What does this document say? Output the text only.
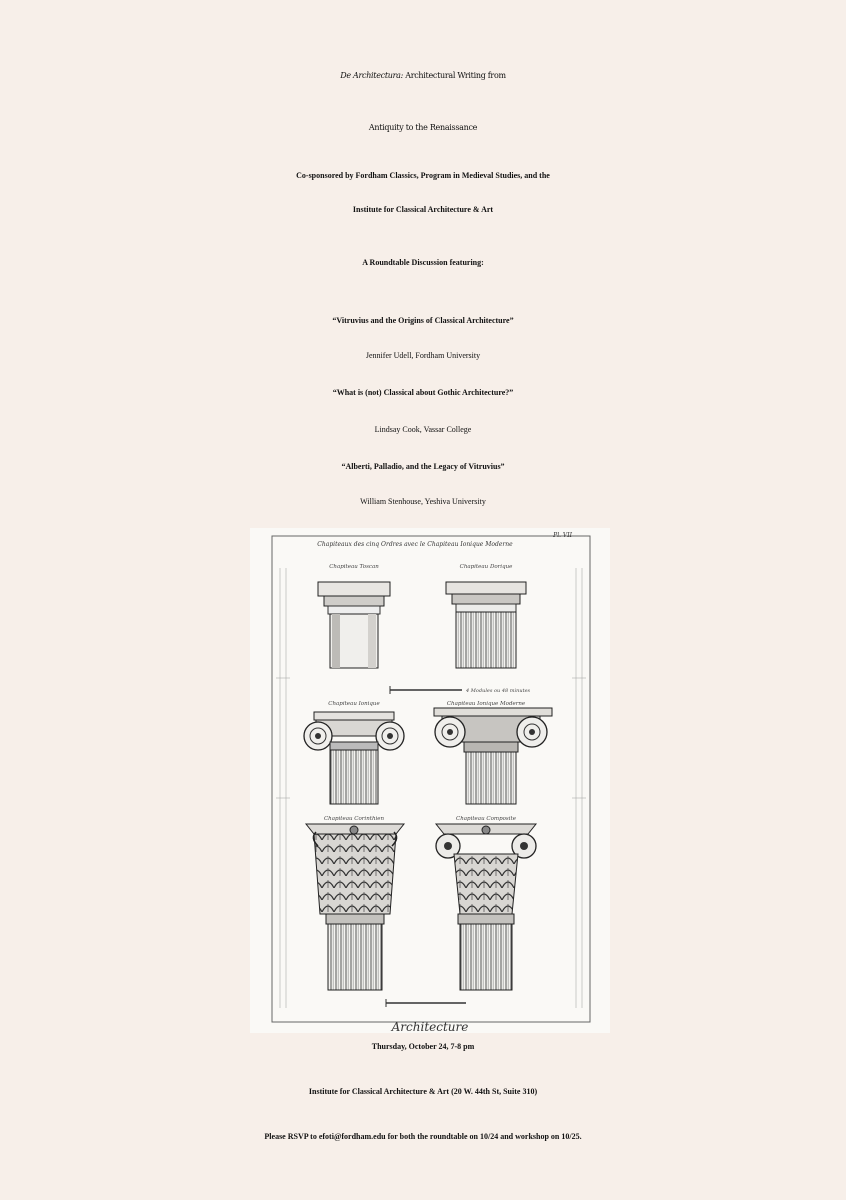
De Architectura: Architectural Writing from
Antiquity to the Renaissance
Co-sponsored by Fordham Classics, Program in Medieval Studies, and the
Institute for Classical Architecture & Art
A Roundtable Discussion featuring:
“Vitruvius and the Origins of Classical Architecture”
Jennifer Udell, Fordham University
“What is (not) Classical about Gothic Architecture?”
Lindsay Cook, Vassar College
“Alberti, Palladio, and the Legacy of Vitruvius”
William Stenhouse, Yeshiva University
Chapiteaux des cinq Ordres avec le Chapiteau Ionique Moderne
Pl. VII
Chapiteau Toscan	Chapiteau Dorique
4 Modules ou 48 minutes
Chapiteau Ionique	Chapiteau Ionique Moderne
Chapiteau Corinthien	Chapiteau Composite
Architecture
Thursday, October 24, 7-8 pm
Institute for Classical Architecture & Art (20 W. 44th St, Suite 310)
Please RSVP to efoti@fordham.edu for both the roundtable on 10/24 and workshop on 10/25.
